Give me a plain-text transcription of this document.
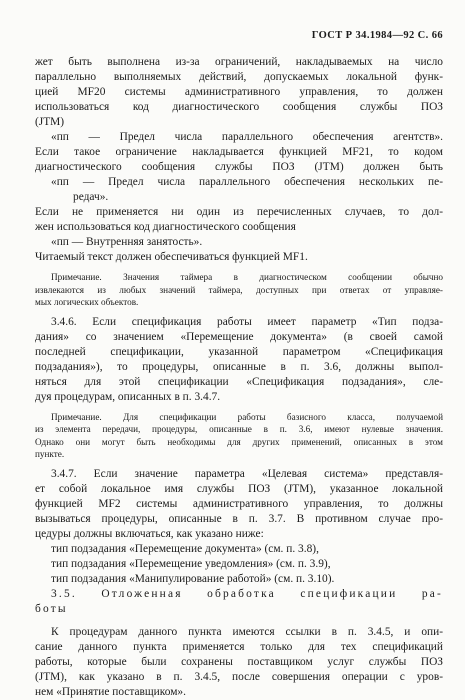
ГОСТ Р 34.1984—92 С. 66
жет быть выполнена из-за ограничений, накладываемых на число
параллельно выполняемых действий, допускаемых локальной функ-
цией MF20 системы административного управления, то должен
использоваться код диагностического сообщения службы ПОЗ
(JTM)
«пп — Предел числа параллельного обеспечения агентств».
Если такое ограничение накладывается функцией MF21, то кодом
диагностического сообщения службы ПОЗ (JTM) должен быть
«пп — Предел числа параллельного обеспечения нескольких пе-
редач».
Если не применяется ни один из перечисленных случаев, то дол-
жен использоваться код диагностического сообщения
«пп — Внутренняя занятость».
Читаемый текст должен обеспечиваться функцией MF1.
Примечание. Значения таймера в диагностическом сообщении обычно
извлекаются из любых значений таймера, доступных при ответах от управляе-
мых логических объектов.
3.4.6. Если спецификация работы имеет параметр «Тип подза-
дания» со значением «Перемещение документа» (в своей самой
последней спецификации, указанной параметром «Спецификация
подзадания»), то процедуры, описанные в п. 3.6, должны выпол-
няться для этой спецификации «Спецификация подзадания», сле-
дуя процедурам, описанных в п. 3.4.7.
Примечание. Для спецификации работы базисного класса, получаемой
из элемента передачи, процедуры, описанные в п. 3.6, имеют нулевые значения.
Однако они могут быть необходимы для других применений, описанных в этом
пункте.
3.4.7. Если значение параметра «Целевая система» представля-
ет собой локальное имя службы ПОЗ (JTM), указанное локальной
функцией MF2 системы административного управления, то должны
вызываться процедуры, описанные в п. 3.7. В противном случае про-
цедуры должны включаться, как указано ниже:
тип подзадания «Перемещение документа» (см. п. 3.8),
тип подзадания «Перемещение уведомления» (см. п. 3.9),
тип подзадания «Манипулирование работой» (см. п. 3.10).
3.5. Отложенная обработка спецификации ра-
боты
К процедурам данного пункта имеются ссылки в п. 3.4.5, и опи-
сание данного пункта применяется только для тех спецификаций
работы, которые были сохранены поставщиком услуг службы ПОЗ
(JTM), как указано в п. 3.4.5, после совершения операции с уров-
нем «Принятие поставщиком».
